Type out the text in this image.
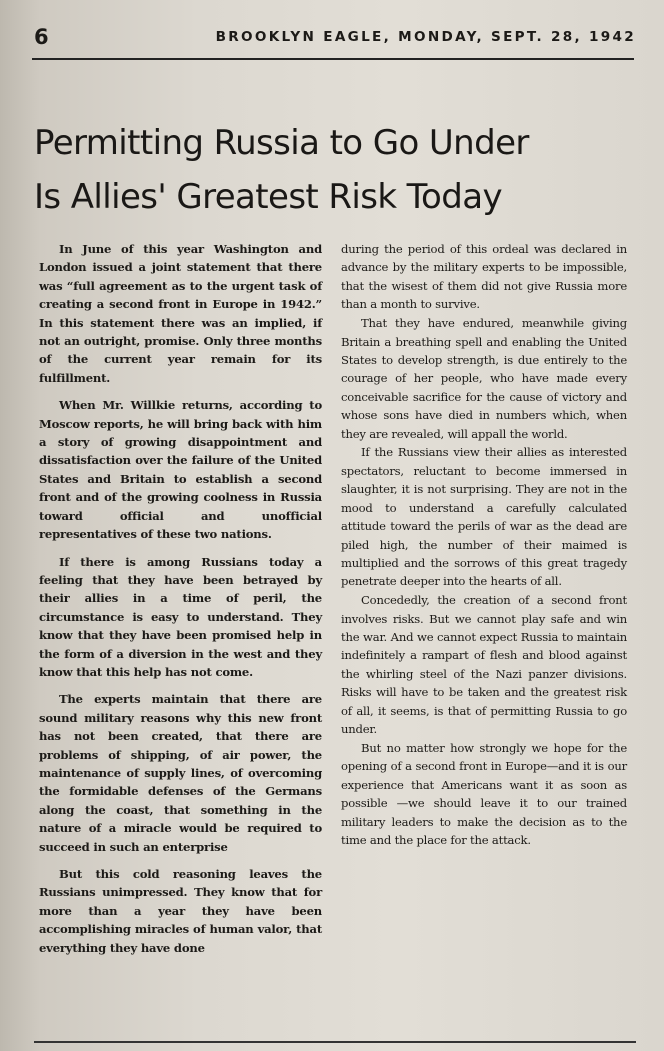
6	BROOKLYN EAGLE, MONDAY, SEPT. 28, 1942
Permitting Russia to Go Under
Is Allies' Greatest Risk Today

In June of this year Washington and London issued a joint statement that there was “full agreement as to the urgent task of creating a second front in Europe in 1942.” In this statement there was an implied, if not an outright, promise. Only three months of the current year remain for its fulfillment.

When Mr. Willkie returns, according to Moscow reports, he will bring back with him a story of growing disappointment and dissatisfaction over the failure of the United States and Britain to establish a second front and of the growing coolness in Russia toward official and unofficial representatives of these two nations.

If there is among Russians today a feeling that they have been betrayed by their allies in a time of peril, the circumstance is easy to understand. They know that they have been promised help in the form of a diversion in the west and they know that this help has not come.

The experts maintain that there are sound military reasons why this new front has not been created, that there are problems of shipping, of air power, the maintenance of supply lines, of overcoming the formidable defenses of the Germans along the coast, that something in the nature of a miracle would be required to succeed in such an enterprise

But this cold reasoning leaves the Russians unimpressed. They know that for more than a year they have been accomplishing miracles of human valor, that everything they have done

during the period of this ordeal was declared in advance by the military experts to be impossible, that the wisest of them did not give Russia more than a month to survive.

That they have endured, meanwhile giving Britain a breathing spell and enabling the United States to develop strength, is due entirely to the courage of her people, who have made every conceivable sacrifice for the cause of victory and whose sons have died in numbers which, when they are revealed, will appall the world.

If the Russians view their allies as interested spectators, reluctant to become immersed in slaughter, it is not surprising. They are not in the mood to understand a carefully calculated attitude toward the perils of war as the dead are piled high, the number of their maimed is multiplied and the sorrows of this great tragedy penetrate deeper into the hearts of all.

Concededly, the creation of a second front involves risks. But we cannot play safe and win the war. And we cannot expect Russia to maintain indefinitely a rampart of flesh and blood against the whirling steel of the Nazi panzer divisions. Risks will have to be taken and the greatest risk of all, it seems, is that of permitting Russia to go under.

But no matter how strongly we hope for the opening of a second front in Europe—and it is our experience that Americans want it as soon as possible —we should leave it to our trained military leaders to make the decision as to the time and the place for the attack.
